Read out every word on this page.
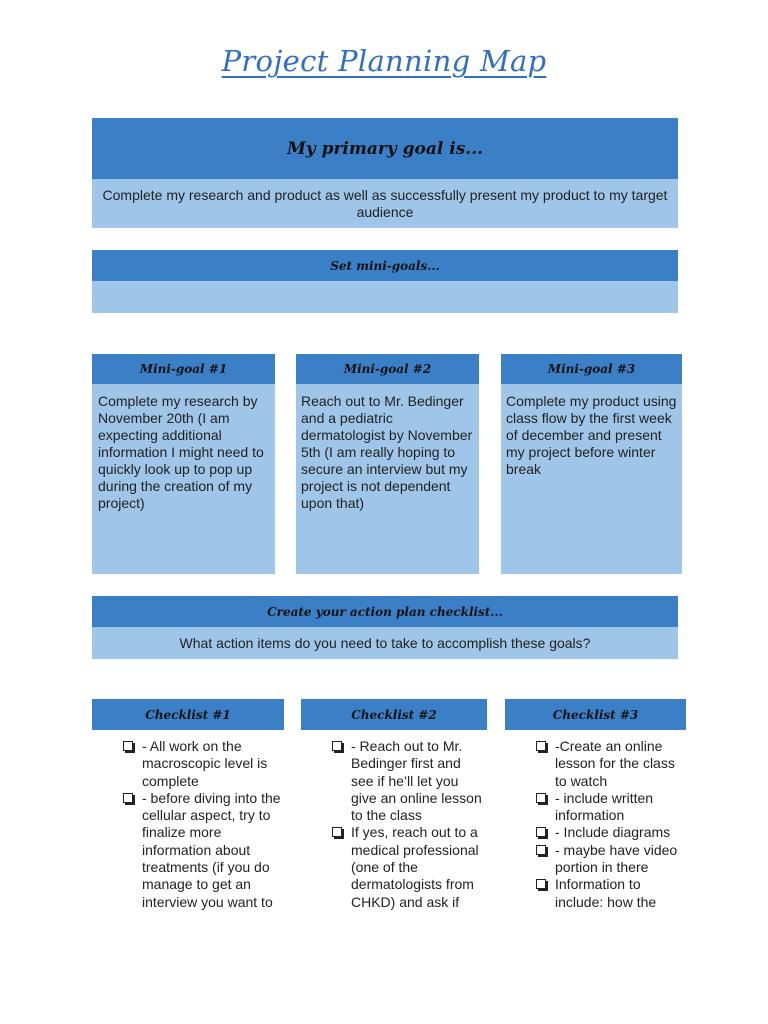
Project Planning Map
My primary goal is...
Complete my research and product as well as successfully present my product to my target audience
Set mini-goals...
Mini-goal #1
Complete my research by November 20th (I am expecting additional information I might need to quickly look up to pop up during the creation of my project)
Mini-goal #2
Reach out to Mr. Bedinger and a pediatric dermatologist by November 5th (I am really hoping to secure an interview but my project is not dependent upon that)
Mini-goal #3
Complete my product using class flow by the first week of december and present my project before winter break
Create your action plan checklist...
What action items do you need to take to accomplish these goals?
Checklist #1	Checklist #2	Checklist #3
- All work on the macroscopic level is complete
- before diving into the cellular aspect, try to finalize more information about treatments (if you do manage to get an interview you want to
- Reach out to Mr. Bedinger first and see if he’ll let you give an online lesson to the class
If yes, reach out to a medical professional (one of the dermatologists from CHKD) and ask if
-Create an online lesson for the class to watch
- include written information
- Include diagrams
- maybe have video portion in there
Information to include: how the
